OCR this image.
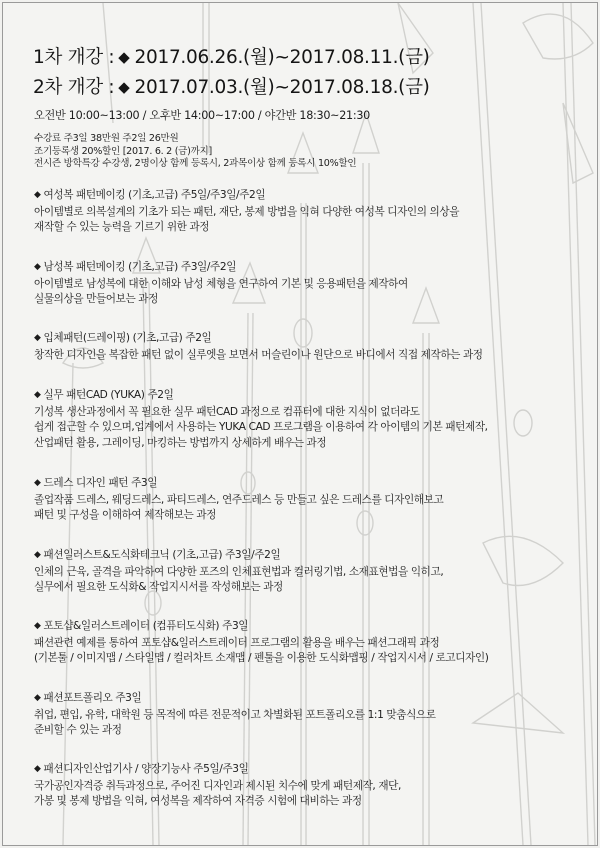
1차 개강 : ◆ 2017.06.26.(월)~2017.08.11.(금)
2차 개강 : ◆ 2017.07.03.(월)~2017.08.18.(금)
오전반 10:00~13:00 / 오후반 14:00~17:00 / 야간반 18:30~21:30
수강료 주3일 38만원 주2일 26만원
조기등록생 20%할인 [2017. 6. 2 (금)까지]
전시즌 방학특강 수강생, 2명이상 함께 등록시, 2과목이상 함께 등록시 10%할인
◆ 여성복 패턴메이킹 (기초,고급) 주5일/주3일/주2일
아이템별로 의복설계의 기초가 되는 패턴, 재단, 봉제 방법을 익혀 다양한 여성복 디자인의 의상을
재작할 수 있는 능력을 기르기 위한 과정
◆ 남성복 패턴메이킹 (기초,고급) 주3일/주2일
아이템별로 남성복에 대한 이해와 남성 체형을 연구하여 기본 및 응용패턴을 제작하여
실물의상을 만들어보는 과정
◆ 입체패턴(드레이핑) (기초,고급) 주2일
창작한 디자인을 복잡한 패턴 없이 실루엣을 보면서 머슬린이나 원단으로 바디에서 직접 제작하는 과정
◆ 실무 패턴CAD (YUKA) 주2일
기성복 생산과정에서 꼭 필요한 실무 패턴CAD 과정으로 컴퓨터에 대한 지식이 없더라도
쉽게 접근할 수 있으며,업계에서 사용하는 YUKA CAD 프로그램을 이용하여 각 아이템의 기본 패턴제작,
산업패턴 활용, 그레이딩, 마킹하는 방법까지 상세하게 배우는 과정
◆ 드레스 디자인 패턴 주3일
졸업작품 드레스, 웨딩드레스, 파티드레스, 연주드레스 등 만들고 싶은 드레스를 디자인해보고
패턴 및 구성을 이해하여 제작해보는 과정
◆ 패션일러스트&도식화테크닉 (기초,고급) 주3일/주2일
인체의 근육, 골격을 파악하여 다양한 포즈의 인체표현법과 컬러링기법, 소재표현법을 익히고,
실무에서 필요한 도식화& 작업지시서를 작성해보는 과정
◆ 포토샵&일러스트레이터 (컴퓨터도식화) 주3일
패션관련 예제를 통하여 포토샵&일러스트레이터 프로그램의 활용을 배우는 패션그래픽 과정
(기본툴 / 이미지맵 / 스타일맵 / 컬러차트 소재맵 / 펜툴을 이용한 도식화맵핑 / 작업지시서 / 로고디자인)
◆ 패션포트폴리오 주3일
취업, 편입, 유학, 대학원 등 목적에 따른 전문적이고 차별화된 포트폴리오를 1:1 맞춤식으로
준비할 수 있는 과정
◆ 패션디자인산업기사 / 양장기능사 주5일/주3일
국가공인자격증 취득과정으로, 주어진 디자인과 제시된 치수에 맞게 패턴제작, 재단,
가봉 및 봉제 방법을 익혀, 여성복을 제작하여 자격증 시험에 대비하는 과정
